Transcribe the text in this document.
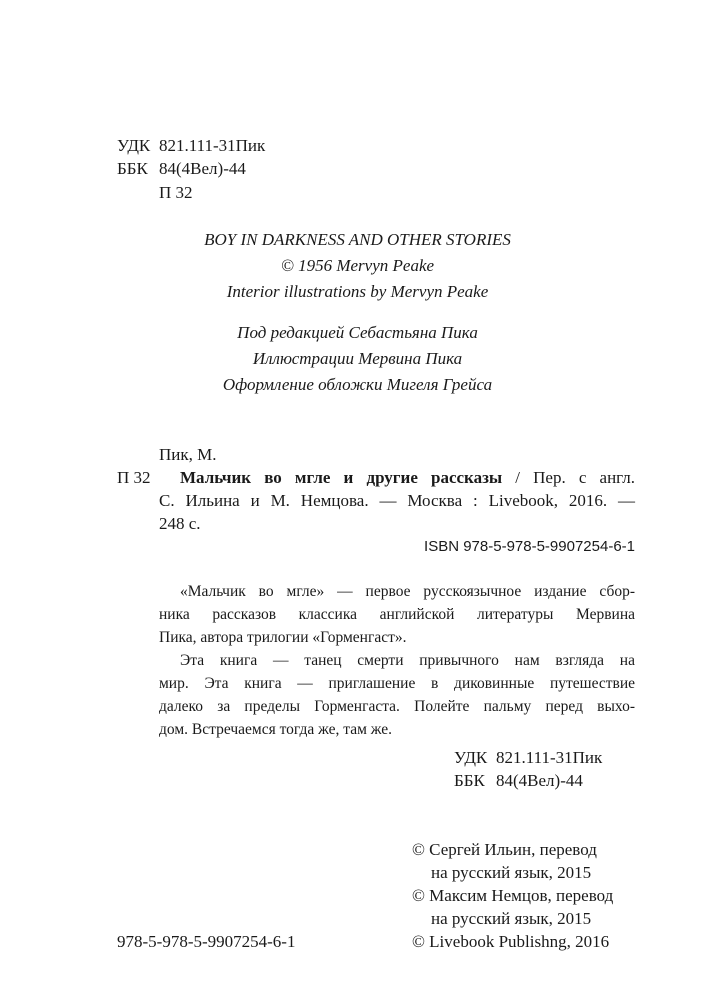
УДК 821.111-31Пик
ББК 84(4Вел)-44
П 32
BOY IN DARKNESS AND OTHER STORIES
© 1956 Mervyn Peake
Interior illustrations by Mervyn Peake
Под редакцией Себастьяна Пика
Иллюстрации Мервина Пика
Оформление обложки Мигеля Грейса
Пик, М.
П 32 Мальчик во мгле и другие рассказы / Пер. с англ.
С. Ильина и М. Немцова. — Москва : Livebook, 2016. —
248 с.
ISBN 978-5-978-5-9907254-6-1
«Мальчик во мгле» — первое русскоязычное издание сбор-
ника рассказов классика английской литературы Мервина
Пика, автора трилогии «Горменгаст».
Эта книга — танец смерти привычного нам взгляда на
мир. Эта книга — приглашение в диковинные путешествие
далеко за пределы Горменгаста. Полейте пальму перед выхо-
дом. Встречаемся тогда же, там же.
УДК 821.111-31Пик
ББК 84(4Вел)-44
© Сергей Ильин, перевод
на русский язык, 2015
© Максим Немцов, перевод
на русский язык, 2015
© Livebook Publishng, 2016
978-5-978-5-9907254-6-1
